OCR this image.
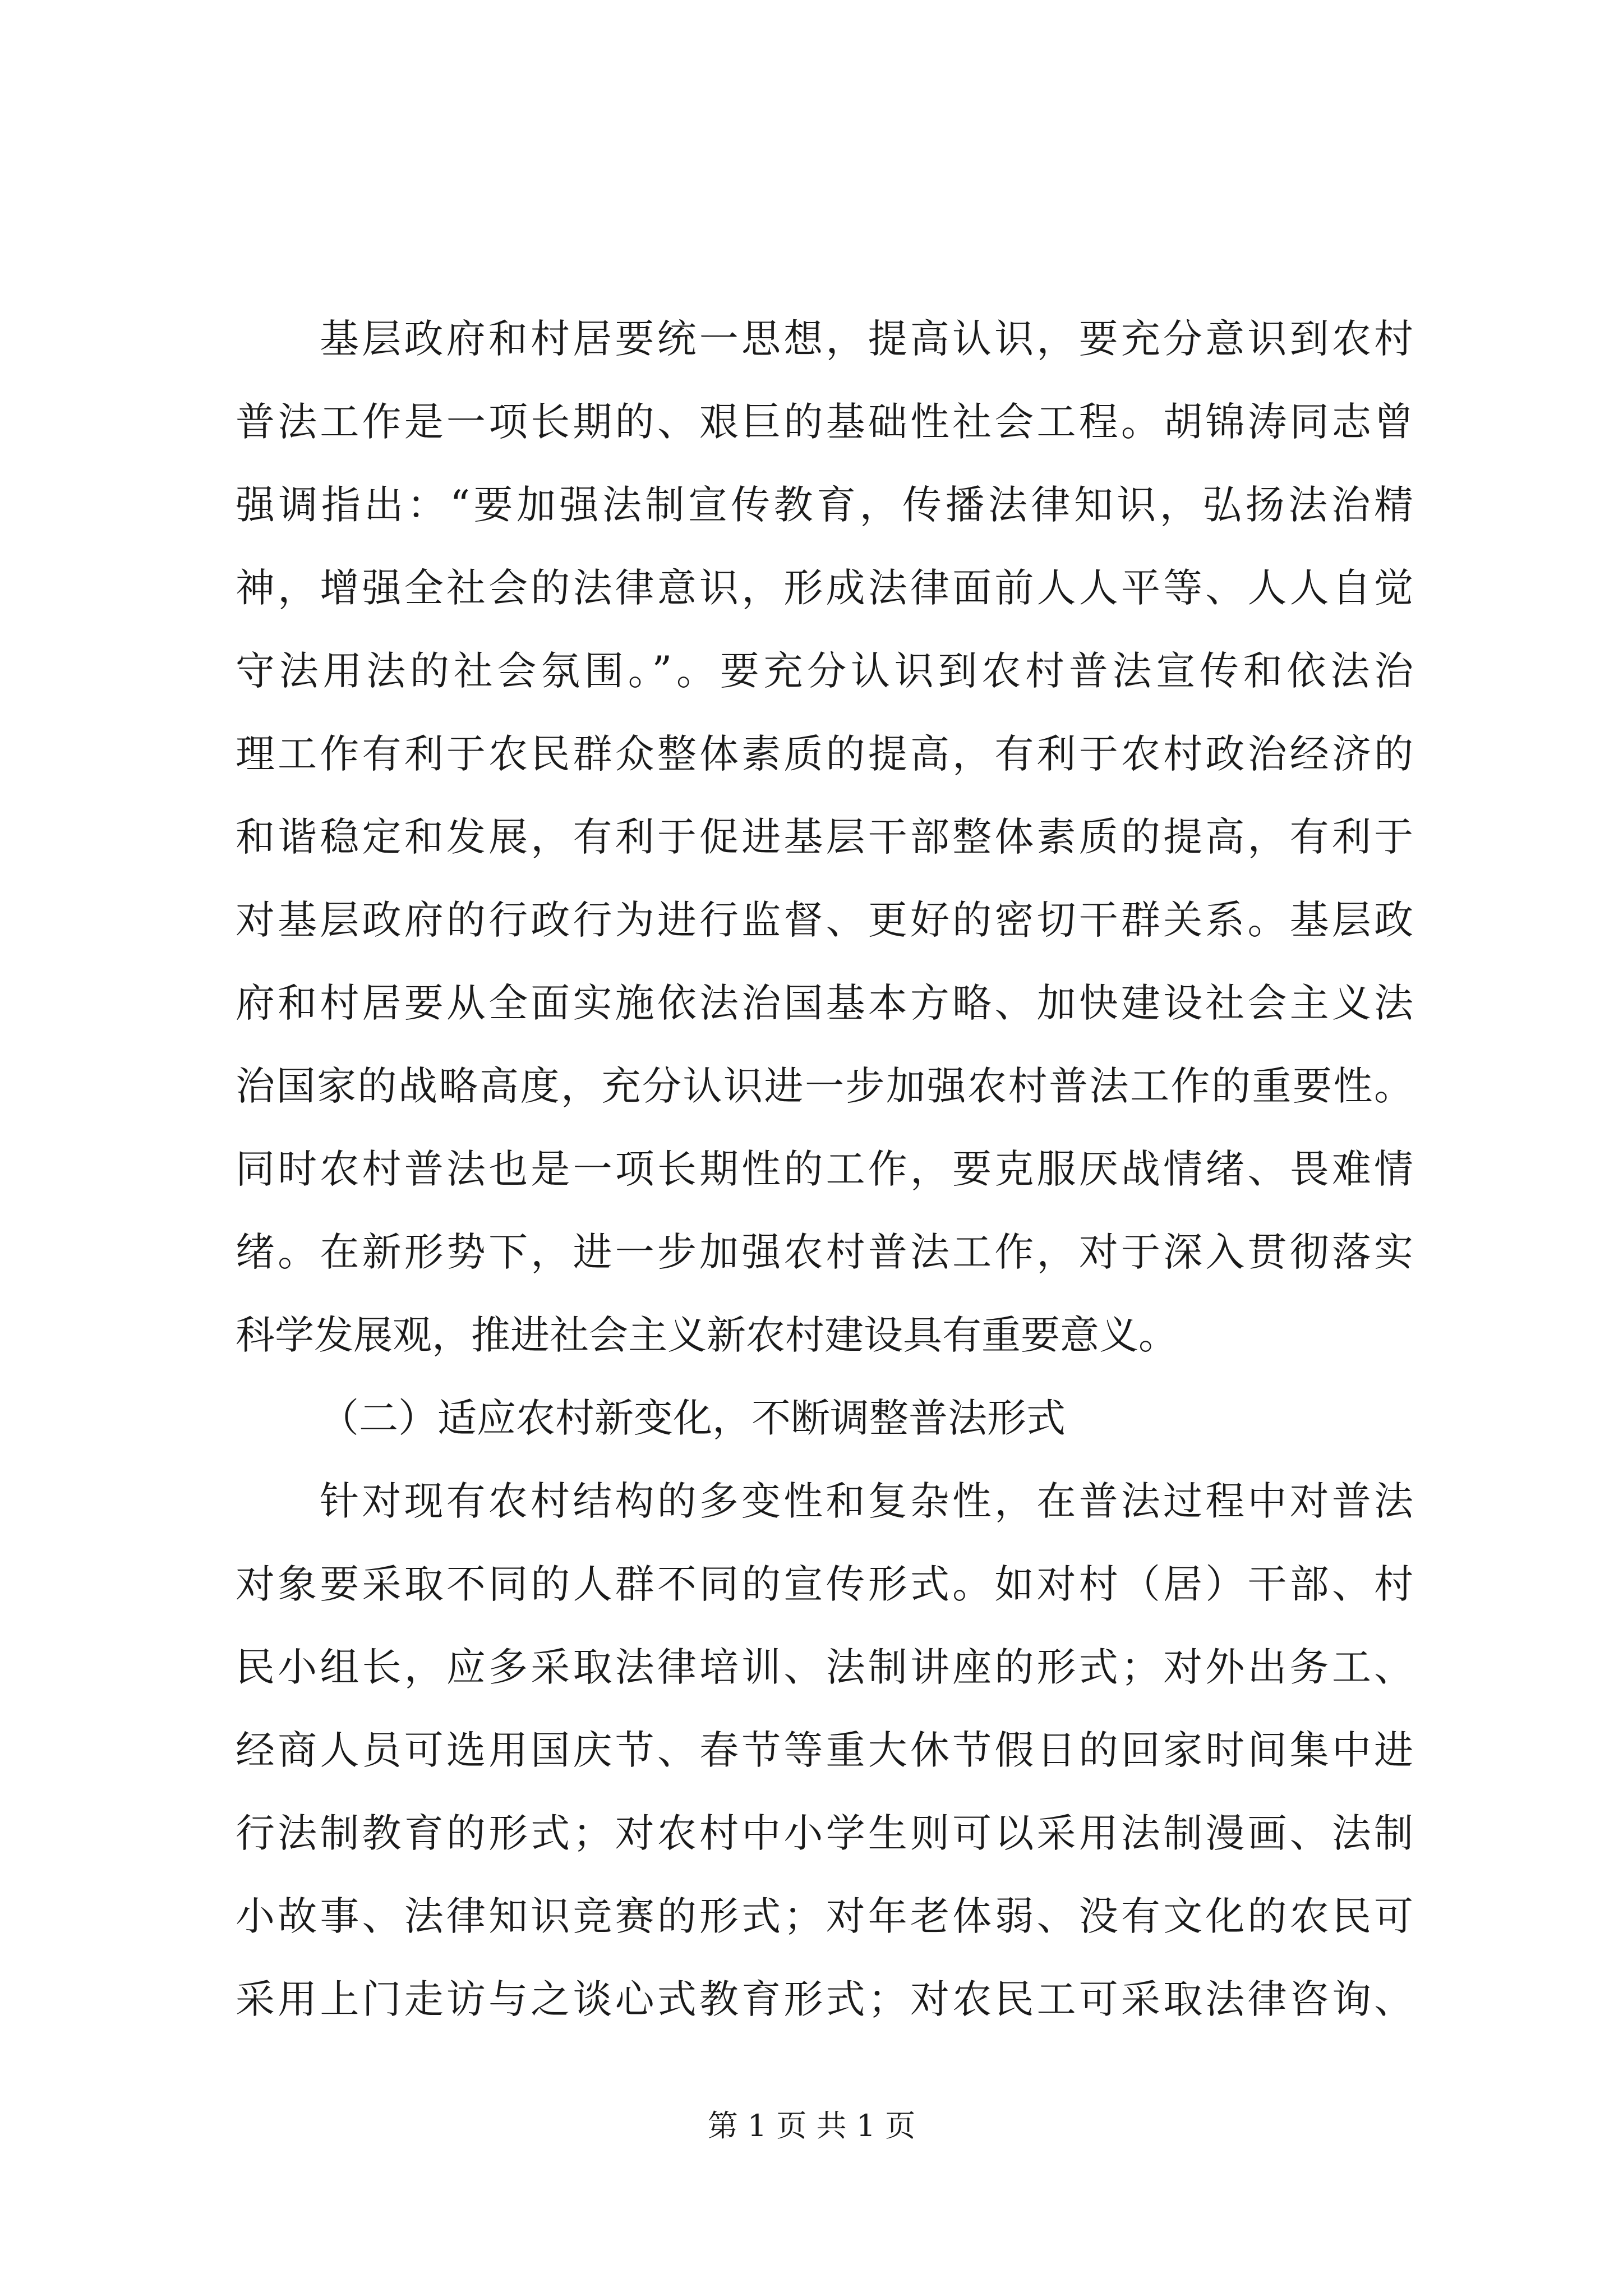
基层政府和村居要统一思想，提高认识，要充分意识到农村
普法工作是一项长期的、艰巨的基础性社会工程。胡锦涛同志曾
强调指出：“要加强法制宣传教育，传播法律知识，弘扬法治精
神，增强全社会的法律意识，形成法律面前人人平等、人人自觉
守法用法的社会氛围。”。要充分认识到农村普法宣传和依法治
理工作有利于农民群众整体素质的提高，有利于农村政治经济的
和谐稳定和发展，有利于促进基层干部整体素质的提高，有利于
对基层政府的行政行为进行监督、更好的密切干群关系。基层政
府和村居要从全面实施依法治国基本方略、加快建设社会主义法
治国家的战略高度，充分认识进一步加强农村普法工作的重要性。
同时农村普法也是一项长期性的工作，要克服厌战情绪、畏难情
绪。在新形势下，进一步加强农村普法工作，对于深入贯彻落实
科学发展观，推进社会主义新农村建设具有重要意义。
（二）适应农村新变化，不断调整普法形式
针对现有农村结构的多变性和复杂性，在普法过程中对普法
对象要采取不同的人群不同的宣传形式。如对村（居）干部、村
民小组长，应多采取法律培训、法制讲座的形式；对外出务工、
经商人员可选用国庆节、春节等重大休节假日的回家时间集中进
行法制教育的形式；对农村中小学生则可以采用法制漫画、法制
小故事、法律知识竞赛的形式；对年老体弱、没有文化的农民可
采用上门走访与之谈心式教育形式；对农民工可采取法律咨询、
第 1 页 共 1 页
